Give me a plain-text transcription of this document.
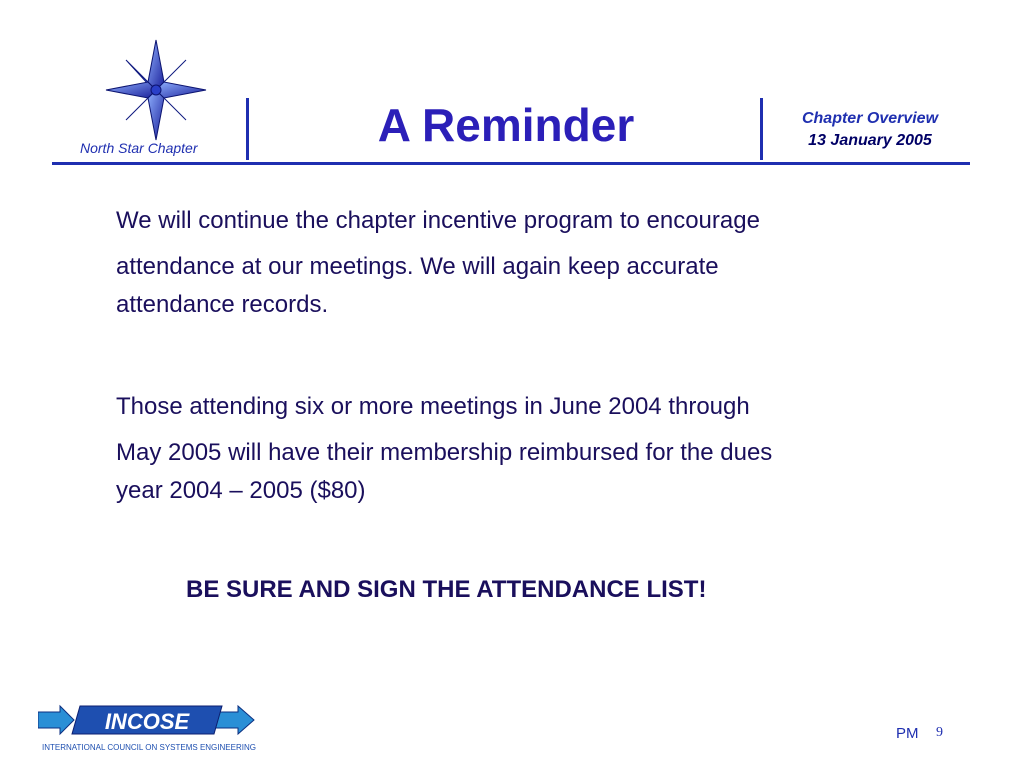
North Star Chapter	A Reminder	Chapter Overview
13 January 2005
We will continue the chapter incentive program to encourage
attendance at our meetings. We will again keep accurate
attendance records.
Those attending six or more meetings in June 2004 through
May 2005 will have their membership reimbursed for the dues
year 2004 – 2005 ($80)
BE SURE AND SIGN THE ATTENDANCE LIST!
INCOSE
INTERNATIONAL COUNCIL ON SYSTEMS ENGINEERING
PM 9
